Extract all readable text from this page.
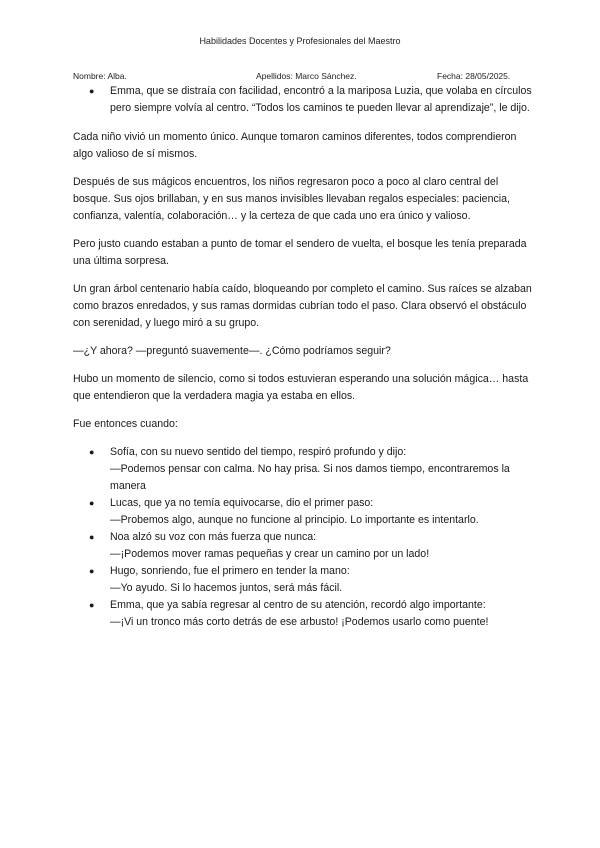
Habilidades Docentes y Profesionales del Maestro
Nombre: Alba.	Apellidos: Marco Sánchez.	Fecha: 28/05/2025.
● Emma, que se distraía con facilidad, encontró a la mariposa Luzia, que volaba en círculos pero siempre volvía al centro. “Todos los caminos te pueden llevar al aprendizaje”, le dijo.

Cada niño vivió un momento único. Aunque tomaron caminos diferentes, todos comprendieron algo valioso de sí mismos.

Después de sus mágicos encuentros, los niños regresaron poco a poco al claro central del bosque. Sus ojos brillaban, y en sus manos invisibles llevaban regalos especiales: paciencia, confianza, valentía, colaboración… y la certeza de que cada uno era único y valioso.

Pero justo cuando estaban a punto de tomar el sendero de vuelta, el bosque les tenía preparada una última sorpresa.

Un gran árbol centenario había caído, bloqueando por completo el camino. Sus raíces se alzaban como brazos enredados, y sus ramas dormidas cubrían todo el paso. Clara observó el obstáculo con serenidad, y luego miró a su grupo.

—¿Y ahora? —preguntó suavemente—. ¿Cómo podríamos seguir?

Hubo un momento de silencio, como si todos estuvieran esperando una solución mágica… hasta que entendieron que la verdadera magia ya estaba en ellos.

Fue entonces cuando:

● Sofía, con su nuevo sentido del tiempo, respiró profundo y dijo:
—Podemos pensar con calma. No hay prisa. Si nos damos tiempo, encontraremos la manera
● Lucas, que ya no temía equivocarse, dio el primer paso:
—Probemos algo, aunque no funcione al principio. Lo importante es intentarlo.
● Noa alzó su voz con más fuerza que nunca:
—¡Podemos mover ramas pequeñas y crear un camino por un lado!
● Hugo, sonriendo, fue el primero en tender la mano:
—Yo ayudo. Si lo hacemos juntos, será más fácil.
● Emma, que ya sabía regresar al centro de su atención, recordó algo importante:
—¡Vi un tronco más corto detrás de ese arbusto! ¡Podemos usarlo como puente!
